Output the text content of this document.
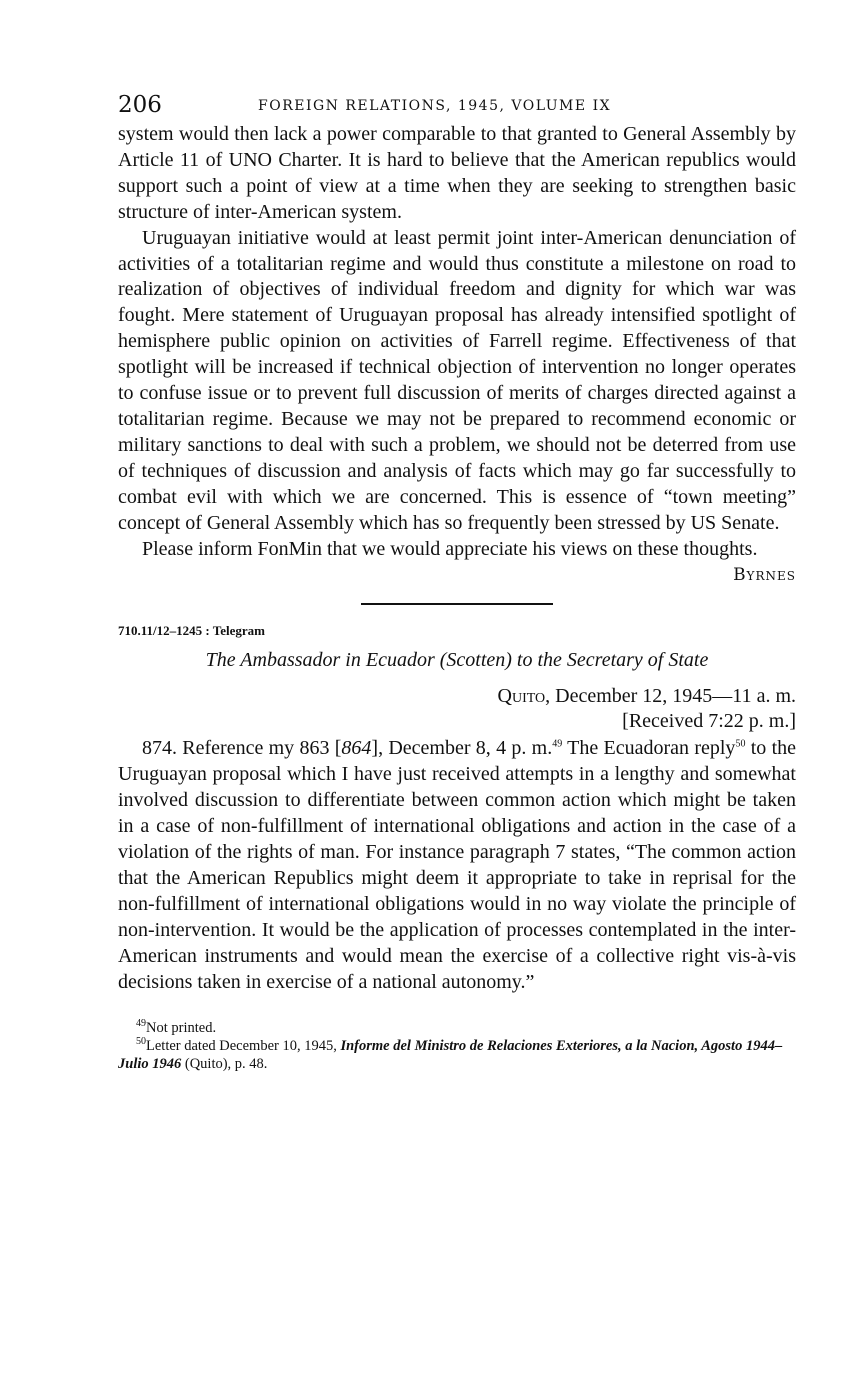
206	FOREIGN RELATIONS, 1945, VOLUME IX

system would then lack a power comparable to that granted to General Assembly by Article 11 of UNO Charter. It is hard to believe that the American republics would support such a point of view at a time when they are seeking to strengthen basic structure of inter-American system.

Uruguayan initiative would at least permit joint inter-American denunciation of activities of a totalitarian regime and would thus constitute a milestone on road to realization of objectives of individual freedom and dignity for which war was fought. Mere statement of Uruguayan proposal has already intensified spotlight of hemisphere public opinion on activities of Farrell regime. Effectiveness of that spotlight will be increased if technical objection of intervention no longer operates to confuse issue or to prevent full discussion of merits of charges directed against a totalitarian regime. Because we may not be prepared to recommend economic or military sanctions to deal with such a problem, we should not be deterred from use of techniques of discussion and analysis of facts which may go far successfully to combat evil with which we are concerned. This is essence of “town meeting” concept of General Assembly which has so frequently been stressed by US Senate.

Please inform FonMin that we would appreciate his views on these thoughts.

Byrnes
710.11/12–1245 : Telegram
The Ambassador in Ecuador (Scotten) to the Secretary of State
Quito, December 12, 1945—11 a. m.
[Received 7:22 p. m.]

874. Reference my 863 [864], December 8, 4 p. m.$^{49}$ The Ecuadoran reply$^{50}$ to the Uruguayan proposal which I have just received attempts in a lengthy and somewhat involved discussion to differentiate between common action which might be taken in a case of non-fulfillment of international obligations and action in the case of a violation of the rights of man. For instance paragraph 7 states, “The common action that the American Republics might deem it appropriate to take in reprisal for the non-fulfillment of international obligations would in no way violate the principle of non-intervention. It would be the application of processes contemplated in the inter-American instruments and would mean the exercise of a collective right vis-à-vis decisions taken in exercise of a national autonomy.”

$^{49}$Not printed.
$^{50}$Letter dated December 10, 1945, Informe del Ministro de Relaciones Exteriores, a la Nacion, Agosto 1944–Julio 1946 (Quito), p. 48.
